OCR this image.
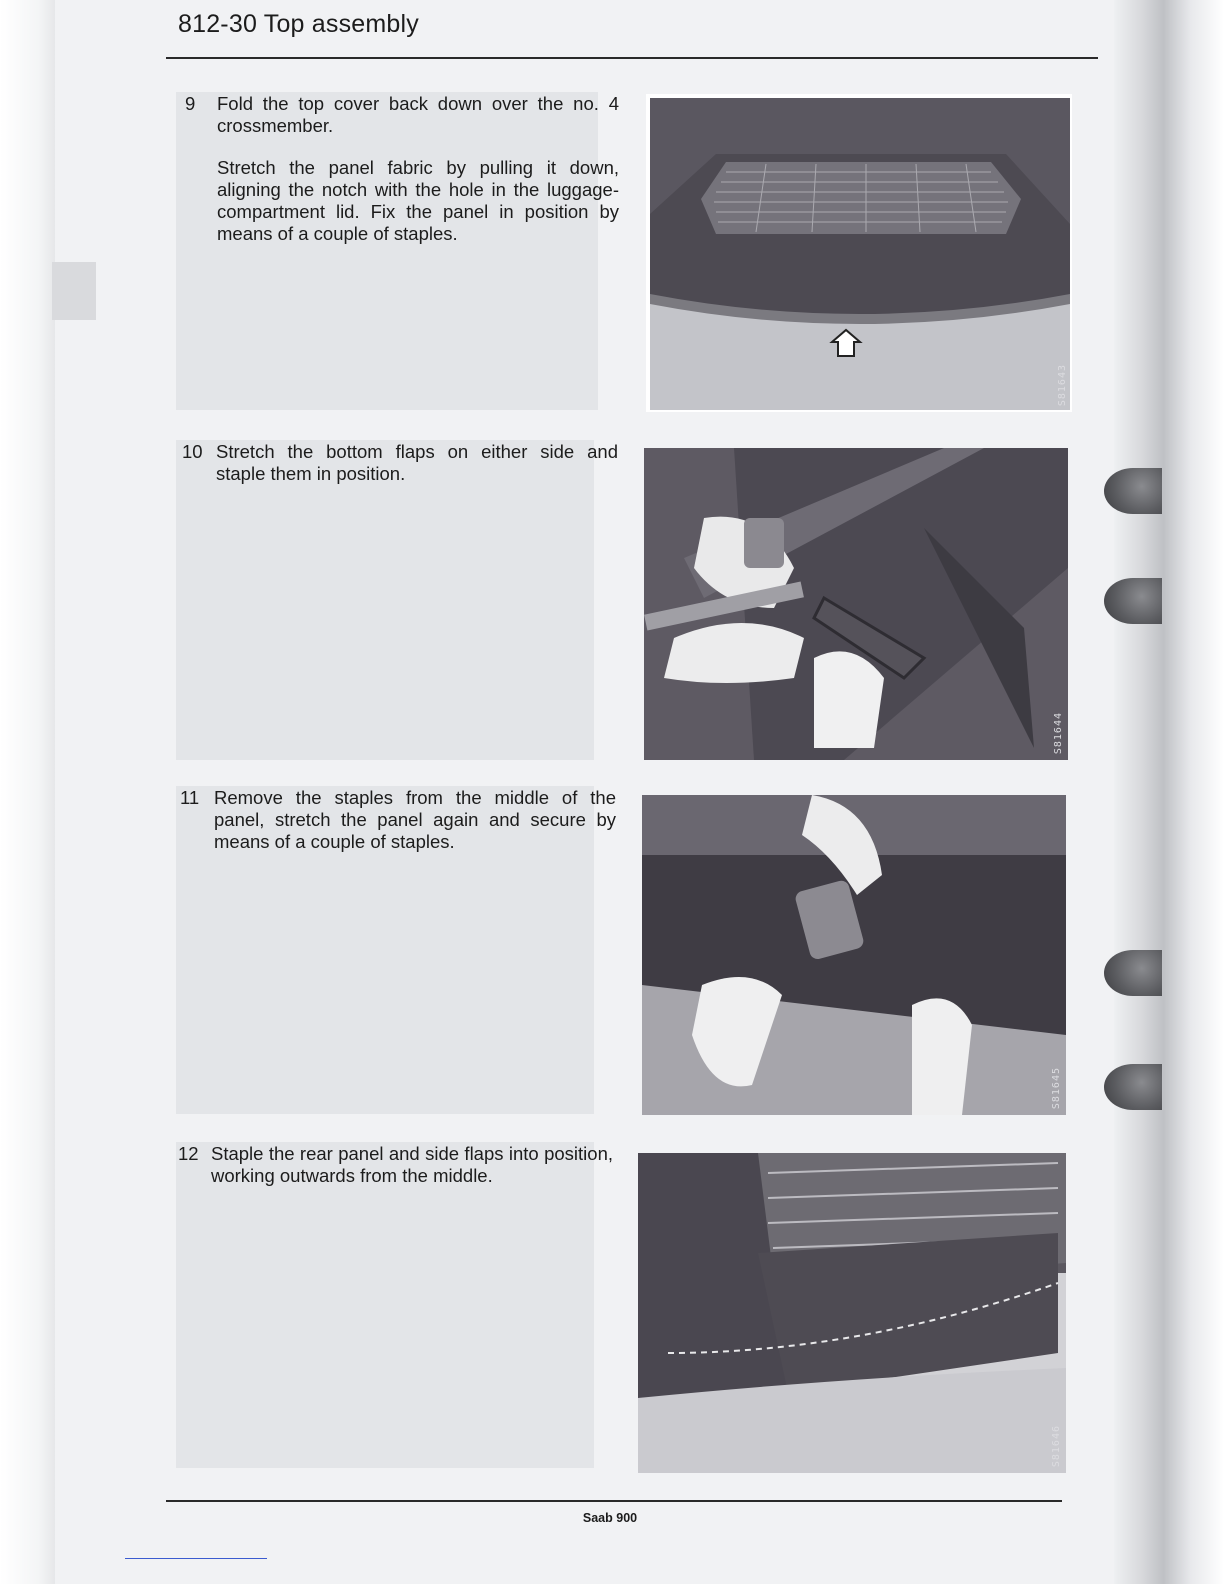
812-30 Top assembly
9 Fold the top cover back down over the no. 4 crossmember.

Stretch the panel fabric by pulling it down, aligning the notch with the hole in the luggage-compartment lid. Fix the panel in position by means of a couple of staples.

S81643
10 Stretch the bottom flaps on either side and staple them in position.

S81644
11 Remove the staples from the middle of the panel, stretch the panel again and secure by means of a couple of staples.

S81645
12 Staple the rear panel and side flaps into position, working outwards from the middle.

S81646
Saab 900
